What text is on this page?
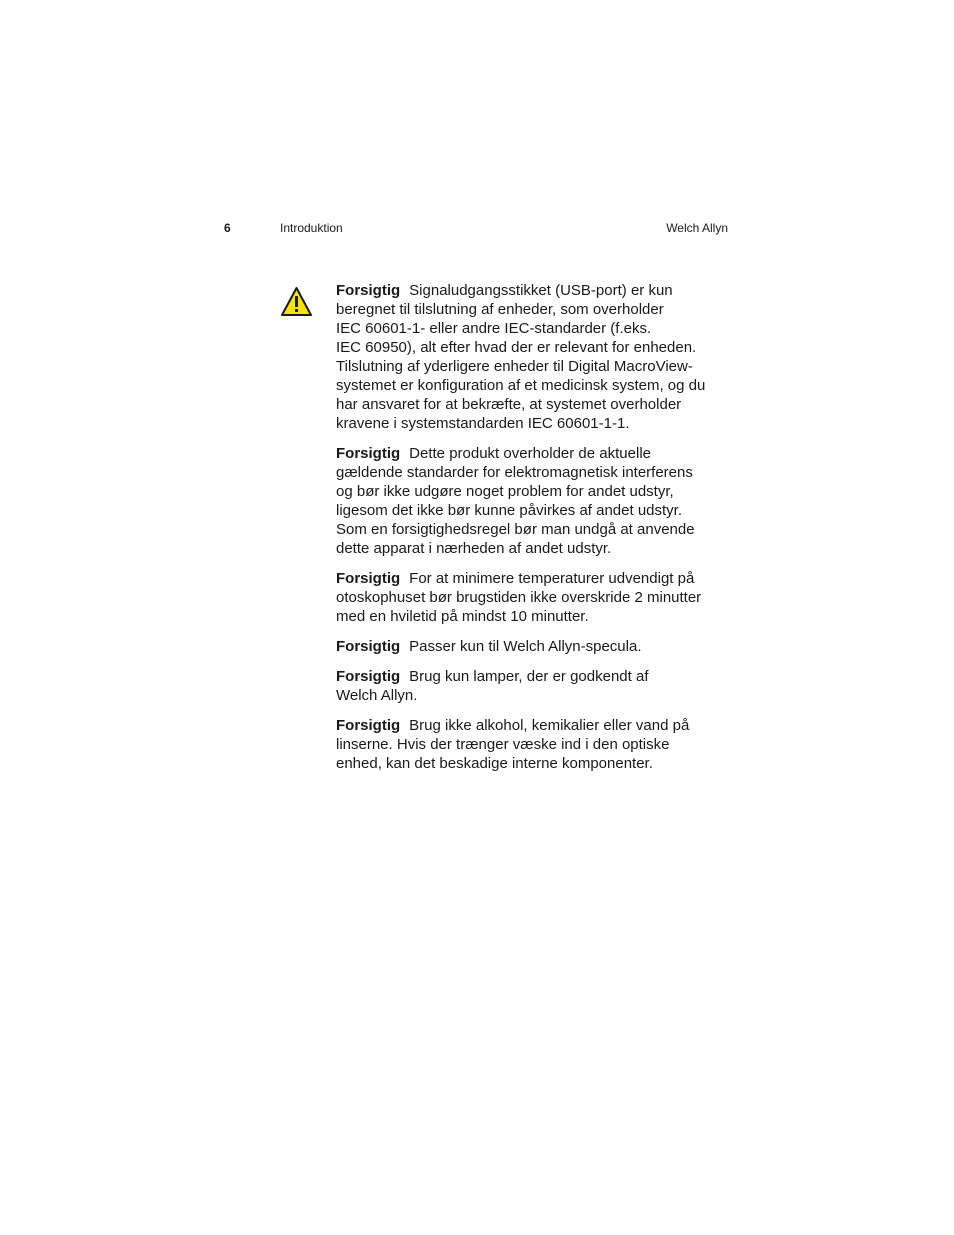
6	Introduktion	Welch Allyn

Forsigtig Signaludgangsstikket (USB-port) er kun
beregnet til tilslutning af enheder, som overholder
IEC 60601-1- eller andre IEC-standarder (f.eks.
IEC 60950), alt efter hvad der er relevant for enheden.
Tilslutning af yderligere enheder til Digital MacroView-
systemet er konfiguration af et medicinsk system, og du
har ansvaret for at bekræfte, at systemet overholder
kravene i systemstandarden IEC 60601-1-1.

Forsigtig Dette produkt overholder de aktuelle
gældende standarder for elektromagnetisk interferens
og bør ikke udgøre noget problem for andet udstyr,
ligesom det ikke bør kunne påvirkes af andet udstyr.
Som en forsigtighedsregel bør man undgå at anvende
dette apparat i nærheden af andet udstyr.

Forsigtig For at minimere temperaturer udvendigt på
otoskophuset bør brugstiden ikke overskride 2 minutter
med en hviletid på mindst 10 minutter.

Forsigtig Passer kun til Welch Allyn-specula.

Forsigtig Brug kun lamper, der er godkendt af
Welch Allyn.

Forsigtig Brug ikke alkohol, kemikalier eller vand på
linserne. Hvis der trænger væske ind i den optiske
enhed, kan det beskadige interne komponenter.
